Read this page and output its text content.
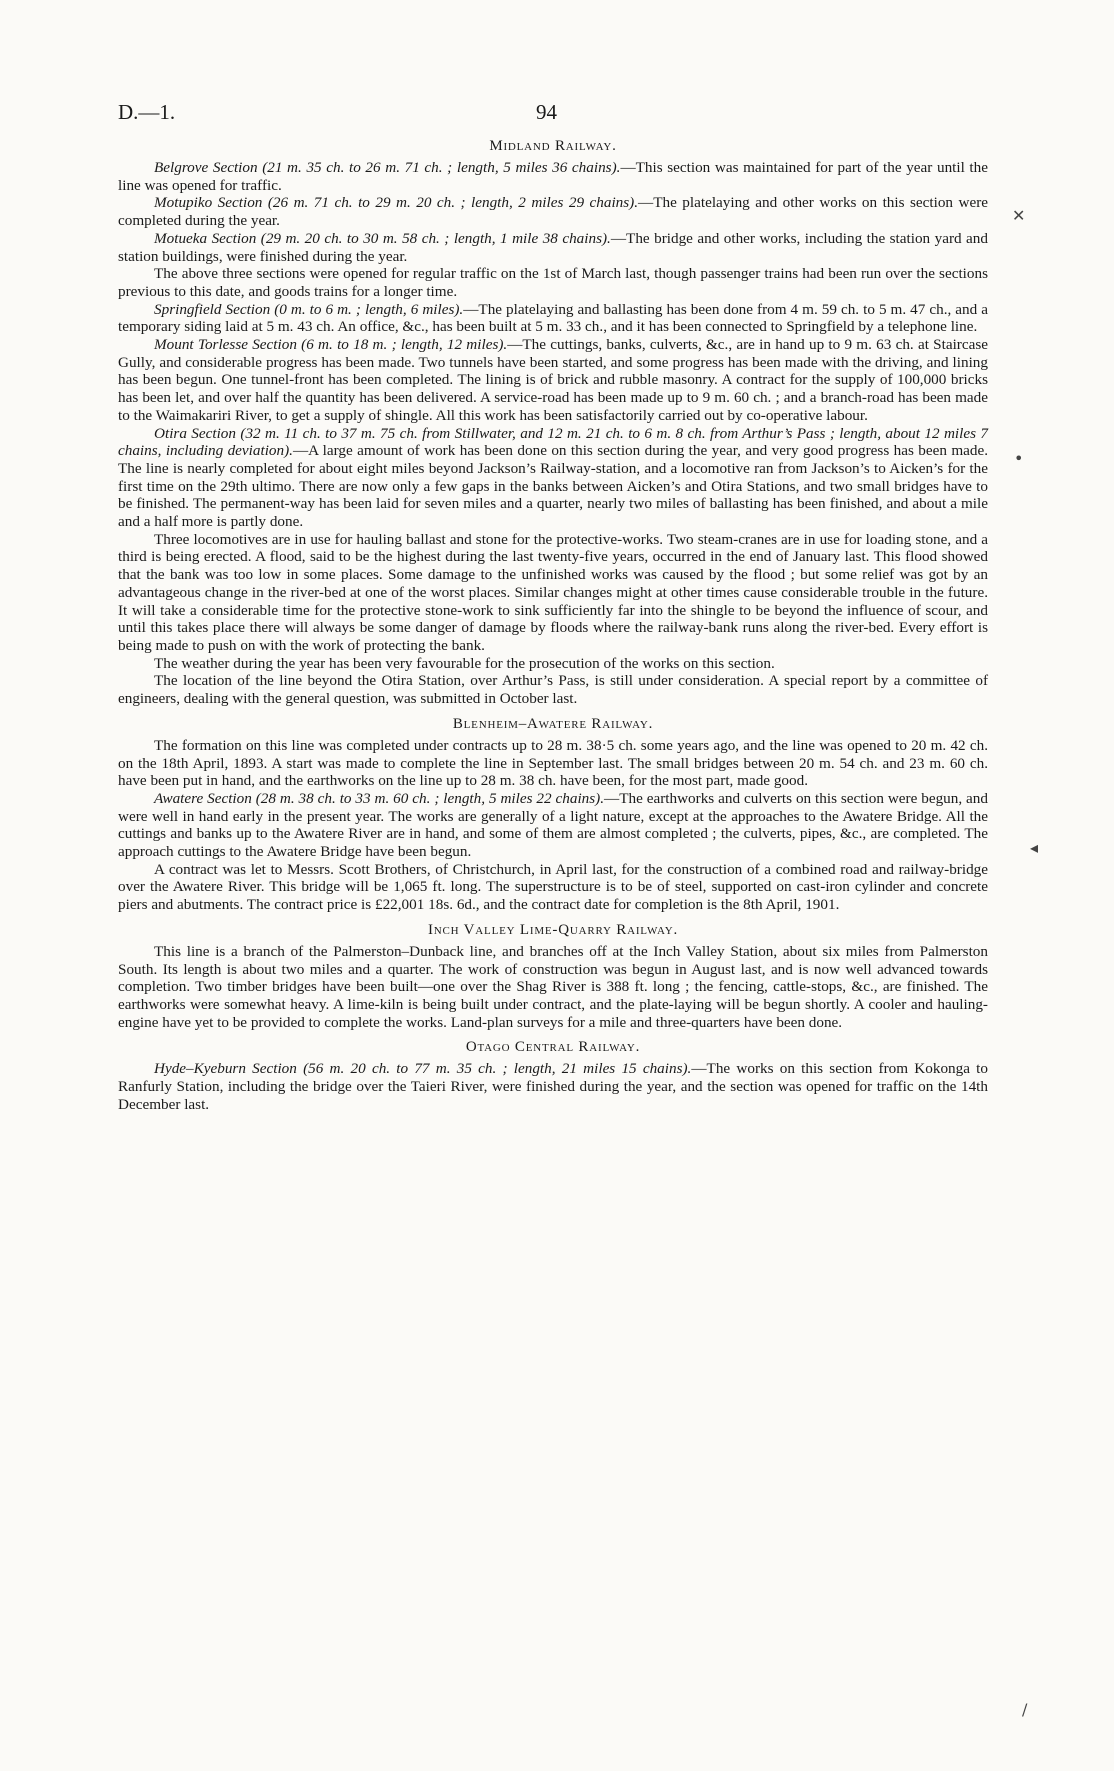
D.—1.	94
Midland Railway.

Belgrove Section (21 m. 35 ch. to 26 m. 71 ch. ; length, 5 miles 36 chains).—This section was maintained for part of the year until the line was opened for traffic.

Motupiko Section (26 m. 71 ch. to 29 m. 20 ch. ; length, 2 miles 29 chains).—The platelaying and other works on this section were completed during the year.

Motueka Section (29 m. 20 ch. to 30 m. 58 ch. ; length, 1 mile 38 chains).—The bridge and other works, including the station yard and station buildings, were finished during the year.

The above three sections were opened for regular traffic on the 1st of March last, though passenger trains had been run over the sections previous to this date, and goods trains for a longer time.

Springfield Section (0 m. to 6 m. ; length, 6 miles).—The platelaying and ballasting has been done from 4 m. 59 ch. to 5 m. 47 ch., and a temporary siding laid at 5 m. 43 ch. An office, &c., has been built at 5 m. 33 ch., and it has been connected to Springfield by a telephone line.

Mount Torlesse Section (6 m. to 18 m. ; length, 12 miles).—The cuttings, banks, culverts, &c., are in hand up to 9 m. 63 ch. at Staircase Gully, and considerable progress has been made. Two tunnels have been started, and some progress has been made with the driving, and lining has been begun. One tunnel-front has been completed. The lining is of brick and rubble masonry. A contract for the supply of 100,000 bricks has been let, and over half the quantity has been delivered. A service-road has been made up to 9 m. 60 ch. ; and a branch-road has been made to the Waimakariri River, to get a supply of shingle. All this work has been satisfactorily carried out by co-operative labour.

Otira Section (32 m. 11 ch. to 37 m. 75 ch. from Stillwater, and 12 m. 21 ch. to 6 m. 8 ch. from Arthur’s Pass ; length, about 12 miles 7 chains, including deviation).—A large amount of work has been done on this section during the year, and very good progress has been made. The line is nearly completed for about eight miles beyond Jackson’s Railway-station, and a locomotive ran from Jackson’s to Aicken’s for the first time on the 29th ultimo. There are now only a few gaps in the banks between Aicken’s and Otira Stations, and two small bridges have to be finished. The permanent-way has been laid for seven miles and a quarter, nearly two miles of ballasting has been finished, and about a mile and a half more is partly done.

Three locomotives are in use for hauling ballast and stone for the protective-works. Two steam-cranes are in use for loading stone, and a third is being erected. A flood, said to be the highest during the last twenty-five years, occurred in the end of January last. This flood showed that the bank was too low in some places. Some damage to the unfinished works was caused by the flood ; but some relief was got by an advantageous change in the river-bed at one of the worst places. Similar changes might at other times cause considerable trouble in the future. It will take a considerable time for the protective stone-work to sink sufficiently far into the shingle to be beyond the influence of scour, and until this takes place there will always be some danger of damage by floods where the railway-bank runs along the river-bed. Every effort is being made to push on with the work of protecting the bank.

The weather during the year has been very favourable for the prosecution of the works on this section.

The location of the line beyond the Otira Station, over Arthur’s Pass, is still under consideration. A special report by a committee of engineers, dealing with the general question, was submitted in October last.

Blenheim–Awatere Railway.

The formation on this line was completed under contracts up to 28 m. 38·5 ch. some years ago, and the line was opened to 20 m. 42 ch. on the 18th April, 1893. A start was made to complete the line in September last. The small bridges between 20 m. 54 ch. and 23 m. 60 ch. have been put in hand, and the earthworks on the line up to 28 m. 38 ch. have been, for the most part, made good.

Awatere Section (28 m. 38 ch. to 33 m. 60 ch. ; length, 5 miles 22 chains).—The earthworks and culverts on this section were begun, and were well in hand early in the present year. The works are generally of a light nature, except at the approaches to the Awatere Bridge. All the cuttings and banks up to the Awatere River are in hand, and some of them are almost completed ; the culverts, pipes, &c., are completed. The approach cuttings to the Awatere Bridge have been begun.

A contract was let to Messrs. Scott Brothers, of Christchurch, in April last, for the construction of a combined road and railway-bridge over the Awatere River. This bridge will be 1,065 ft. long. The superstructure is to be of steel, supported on cast-iron cylinder and concrete piers and abutments. The contract price is £22,001 18s. 6d., and the contract date for completion is the 8th April, 1901.

Inch Valley Lime-Quarry Railway.

This line is a branch of the Palmerston–Dunback line, and branches off at the Inch Valley Station, about six miles from Palmerston South. Its length is about two miles and a quarter. The work of construction was begun in August last, and is now well advanced towards completion. Two timber bridges have been built—one over the Shag River is 388 ft. long ; the fencing, cattle-stops, &c., are finished. The earthworks were somewhat heavy. A lime-kiln is being built under contract, and the plate-laying will be begun shortly. A cooler and hauling-engine have yet to be provided to complete the works. Land-plan surveys for a mile and three-quarters have been done.

Otago Central Railway.

Hyde–Kyeburn Section (56 m. 20 ch. to 77 m. 35 ch. ; length, 21 miles 15 chains).—The works on this section from Kokonga to Ranfurly Station, including the bridge over the Taieri River, were finished during the year, and the section was opened for traffic on the 14th December last.

✕
•
◂
/
